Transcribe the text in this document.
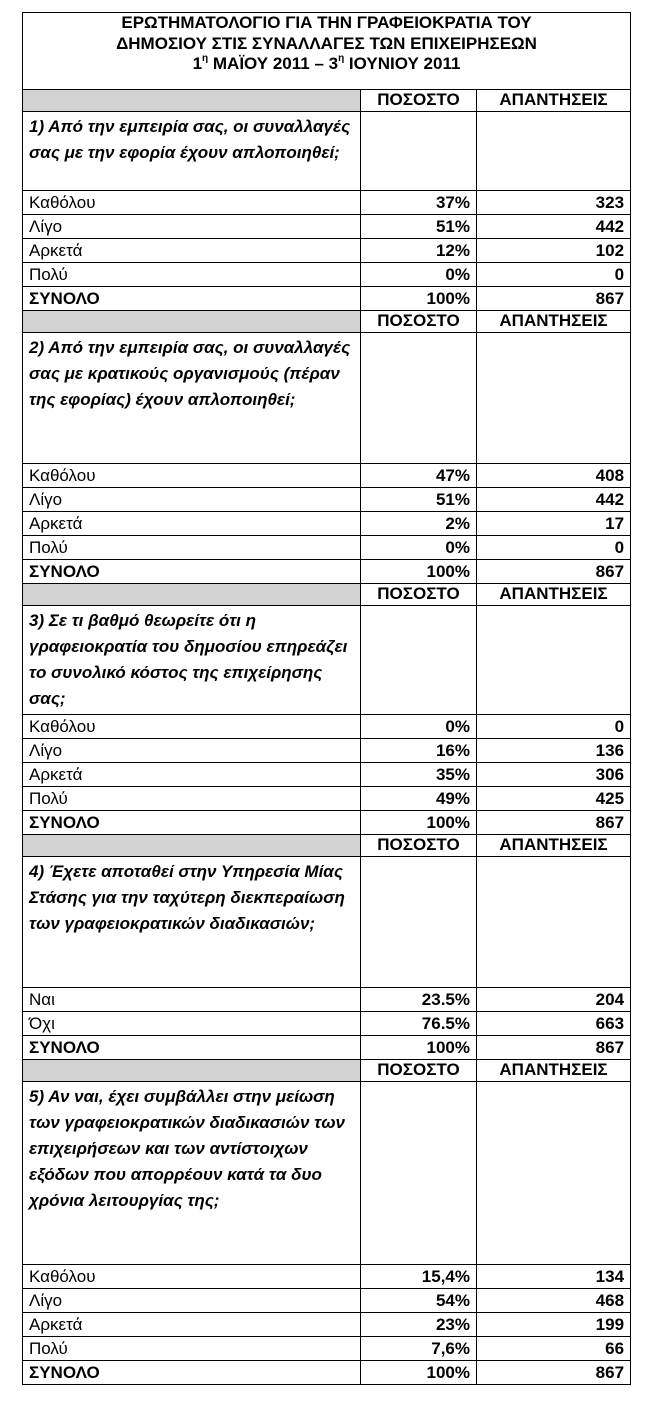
ΕΡΩΤΗΜΑΤΟΛΟΓΙΟ ΓΙΑ ΤΗΝ ΓΡΑΦΕΙΟΚΡΑΤΙΑ ΤΟΥ
ΔΗΜΟΣΙΟΥ ΣΤΙΣ ΣΥΝΑΛΛΑΓΕΣ ΤΩΝ ΕΠΙΧΕΙΡΗΣΕΩΝ
$1^\eta$ ΜΑΪΟΥ $2011 - 3^\eta$ ΙΟΥΝΙΟΥ 2011		

	ΠΟΣΟΣΤΟ	ΑΠΑΝΤΗΣΕΙΣ
1) Από την εμπειρία σας, οι συναλλαγές σας με την εφορία έχουν απλοποιηθεί;		
Καθόλου	37%	323
Λίγο	51%	442
Αρκετά	12%	102
Πολύ	0%	0
ΣΥΝΟΛΟ	100%	867
	ΠΟΣΟΣΤΟ	ΑΠΑΝΤΗΣΕΙΣ
2) Από την εμπειρία σας, οι συναλλαγές σας με κρατικούς οργανισμούς (πέραν της εφορίας) έχουν απλοποιηθεί;		
Καθόλου	47%	408
Λίγο	51%	442
Αρκετά	2%	17
Πολύ	0%	0
ΣΥΝΟΛΟ	100%	867
	ΠΟΣΟΣΤΟ	ΑΠΑΝΤΗΣΕΙΣ
3) Σε τι βαθμό θεωρείτε ότι η γραφειοκρατία του δημοσίου επηρεάζει το συνολικό κόστος της επιχείρησης σας;		
Καθόλου	0%	0
Λίγο	16%	136
Αρκετά	35%	306
Πολύ	49%	425
ΣΥΝΟΛΟ	100%	867
	ΠΟΣΟΣΤΟ	ΑΠΑΝΤΗΣΕΙΣ
4) Έχετε αποταθεί στην Υπηρεσία Μίας Στάσης για την ταχύτερη διεκπεραίωση των γραφειοκρατικών διαδικασιών;		
Ναι	23.5%	204
Όχι	76.5%	663
ΣΥΝΟΛΟ	100%	867
	ΠΟΣΟΣΤΟ	ΑΠΑΝΤΗΣΕΙΣ
5) Αν ναι, έχει συμβάλλει στην μείωση των γραφειοκρατικών διαδικασιών των επιχειρήσεων και των αντίστοιχων εξόδων που απορρέουν κατά τα δυο χρόνια λειτουργίας της;		
Καθόλου	15,4%	134
Λίγο	54%	468
Αρκετά	23%	199
Πολύ	7,6%	66
ΣΥΝΟΛΟ	100%	867
